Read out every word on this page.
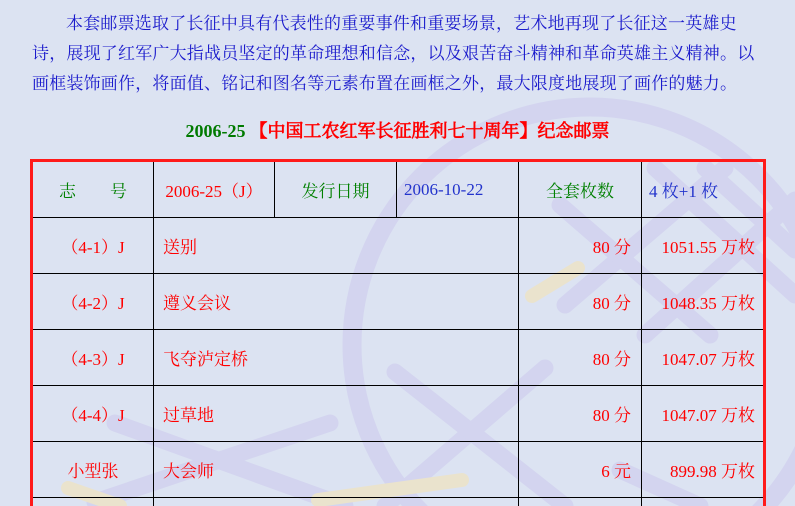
本套邮票选取了长征中具有代表性的重要事件和重要场景，艺术地再现了长征这一英雄史诗，展现了红军广大指战员坚定的革命理想和信念，以及艰苦奋斗精神和革命英雄主义精神。以画框装饰画作，将面值、铭记和图名等元素布置在画框之外，最大限度地展现了画作的魅力。
2006-25 【中国工农红军长征胜利七十周年】纪念邮票
志　　号	2006-25（J）	发行日期	2006-10-22	全套枚数	4 枚+1 枚
（4-1）J	送别			80 分	1051.55 万枚
（4-2）J	遵义会议			80 分	1048.35 万枚
（4-3）J	飞夺泸定桥			80 分	1047.07 万枚
（4-4）J	过草地			80 分	1047.07 万枚
小型张	大会师			6 元	899.98 万枚
